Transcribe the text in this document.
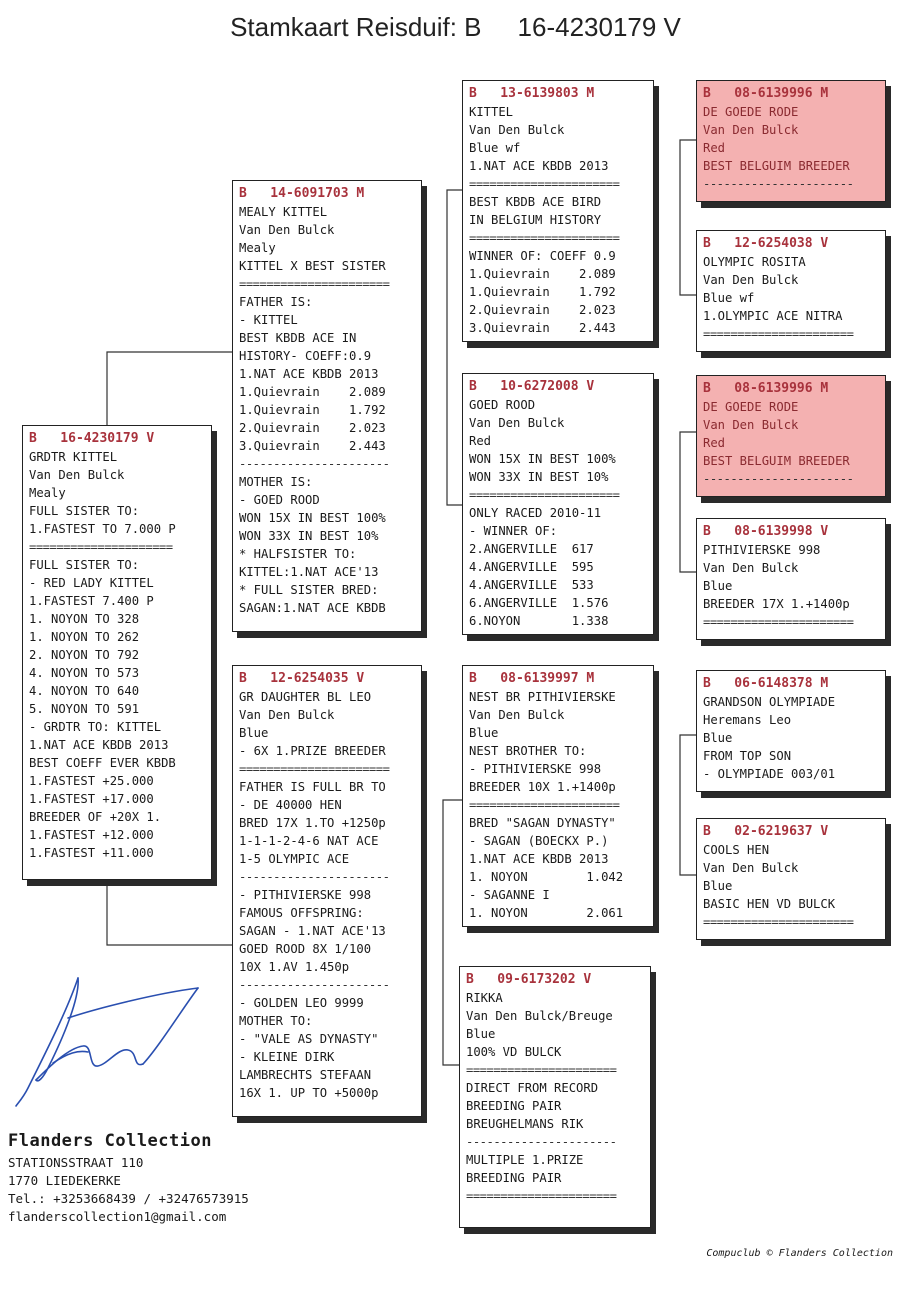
Stamkaart Reisduif: B 16-4230179 V
B   16-4230179 V
GRDTR KITTEL
Van Den Bulck
Mealy
FULL SISTER TO:
1.FASTEST TO 7.000 P
=====================
FULL SISTER TO:
- RED LADY KITTEL
1.FASTEST 7.400 P
1. NOYON TO 328
1. NOYON TO 262
2. NOYON TO 792
4. NOYON TO 573
4. NOYON TO 640
5. NOYON TO 591
- GRDTR TO: KITTEL
1.NAT ACE KBDB 2013
BEST COEFF EVER KBDB
1.FASTEST +25.000
1.FASTEST +17.000
BREEDER OF +20X 1.
1.FASTEST +12.000
1.FASTEST +11.000
B   14-6091703 M
MEALY KITTEL
Van Den Bulck
Mealy
KITTEL X BEST SISTER
======================
FATHER IS:
- KITTEL
BEST KBDB ACE IN
HISTORY- COEFF:0.9
1.NAT ACE KBDB 2013
1.Quievrain    2.089
1.Quievrain    1.792
2.Quievrain    2.023
3.Quievrain    2.443
----------------------
MOTHER IS:
- GOED ROOD
WON 15X IN BEST 100%
WON 33X IN BEST 10%
* HALFSISTER TO:
KITTEL:1.NAT ACE'13
* FULL SISTER BRED:
SAGAN:1.NAT ACE KBDB
B   12-6254035 V
GR DAUGHTER BL LEO
Van Den Bulck
Blue
- 6X 1.PRIZE BREEDER
======================
FATHER IS FULL BR TO
- DE 40000 HEN
BRED 17X 1.TO +1250p
1-1-1-2-4-6 NAT ACE
1-5 OLYMPIC ACE
----------------------
- PITHIVIERSKE 998
FAMOUS OFFSPRING:
SAGAN - 1.NAT ACE'13
GOED ROOD 8X 1/100
10X 1.AV 1.450p
----------------------
- GOLDEN LEO 9999
MOTHER TO:
- "VALE AS DYNASTY"
- KLEINE DIRK
LAMBRECHTS STEFAAN
16X 1. UP TO +5000p
B   13-6139803 M
KITTEL
Van Den Bulck
Blue wf
1.NAT ACE KBDB 2013
======================
BEST KBDB ACE BIRD
IN BELGIUM HISTORY
======================
WINNER OF: COEFF 0.9
1.Quievrain    2.089
1.Quievrain    1.792
2.Quievrain    2.023
3.Quievrain    2.443
B   10-6272008 V
GOED ROOD
Van Den Bulck
Red
WON 15X IN BEST 100%
WON 33X IN BEST 10%
======================
ONLY RACED 2010-11
- WINNER OF:
2.ANGERVILLE  617
4.ANGERVILLE  595
4.ANGERVILLE  533
6.ANGERVILLE  1.576
6.NOYON       1.338
B   08-6139997 M
NEST BR PITHIVIERSKE
Van Den Bulck
Blue
NEST BROTHER TO:
- PITHIVIERSKE 998
BREEDER 10X 1.+1400p
======================
BRED "SAGAN DYNASTY"
- SAGAN (BOECKX P.)
1.NAT ACE KBDB 2013
1. NOYON        1.042
- SAGANNE I
1. NOYON        2.061
B   09-6173202 V
RIKKA
Van Den Bulck/Breuge
Blue
100% VD BULCK
======================
DIRECT FROM RECORD
BREEDING PAIR
BREUGHELMANS RIK
----------------------
MULTIPLE 1.PRIZE
BREEDING PAIR
======================
B   08-6139996 M
DE GOEDE RODE
Van Den Bulck
Red
BEST BELGUIM BREEDER
----------------------
B   12-6254038 V
OLYMPIC ROSITA
Van Den Bulck
Blue wf
1.OLYMPIC ACE NITRA
======================
B   08-6139996 M
DE GOEDE RODE
Van Den Bulck
Red
BEST BELGUIM BREEDER
----------------------
B   08-6139998 V
PITHIVIERSKE 998
Van Den Bulck
Blue
BREEDER 17X 1.+1400p
======================
B   06-6148378 M
GRANDSON OLYMPIADE
Heremans Leo
Blue
FROM TOP SON
- OLYMPIADE 003/01
B   02-6219637 V
COOLS HEN
Van Den Bulck
Blue
BASIC HEN VD BULCK
======================
Flanders Collection
STATIONSSTRAAT 110
1770 LIEDEKERKE
Tel.: +3253668439 / +32476573915
flanderscollection1@gmail.com
Compuclub © Flanders Collection
